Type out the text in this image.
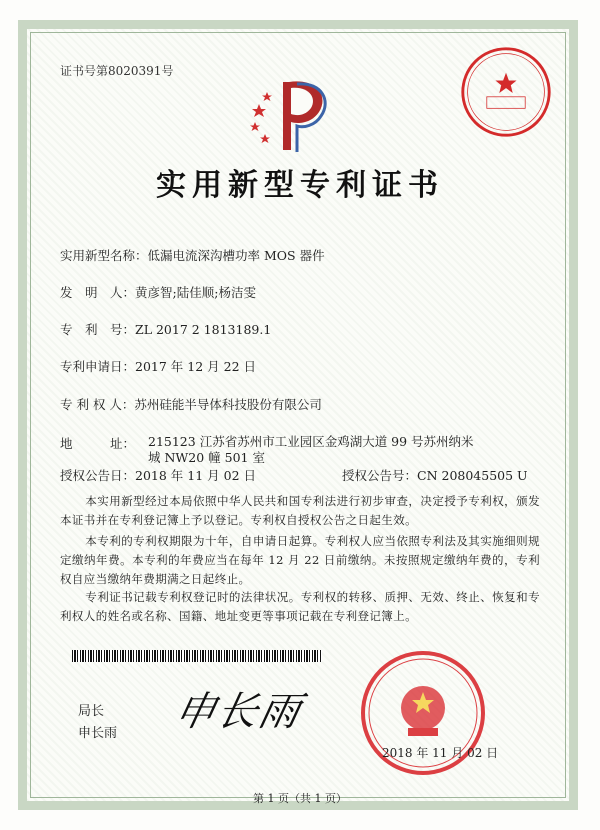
证书号第8020391号
实用新型专利证书
实用新型名称：低漏电流深沟槽功率 MOS 器件
发　明　人：黄彦智;陆佳顺;杨洁雯
专　利　号：ZL 2017 2 1813189.1
专利申请日：2017 年 12 月 22 日
专 利 权 人：苏州硅能半导体科技股份有限公司
地　　　址： 215123 江苏省苏州市工业园区金鸡湖大道 99 号苏州纳米城 NW20 幢 501 室
授权公告日：2018 年 11 月 02 日	授权公告号：CN 208045505 U
本实用新型经过本局依照中华人民共和国专利法进行初步审查，决定授予专利权，颁发本证书并在专利登记簿上予以登记。专利权自授权公告之日起生效。
本专利的专利权期限为十年，自申请日起算。专利权人应当依照专利法及其实施细则规定缴纳年费。本专利的年费应当在每年 12 月 22 日前缴纳。未按照规定缴纳年费的，专利权自应当缴纳年费期满之日起终止。
专利证书记载专利权登记时的法律状况。专利权的转移、质押、无效、终止、恢复和专利权人的姓名或名称、国籍、地址变更等事项记载在专利登记簿上。
局长
申长雨 申长雨
2018 年 11 月 02 日
第 1 页（共 1 页）
